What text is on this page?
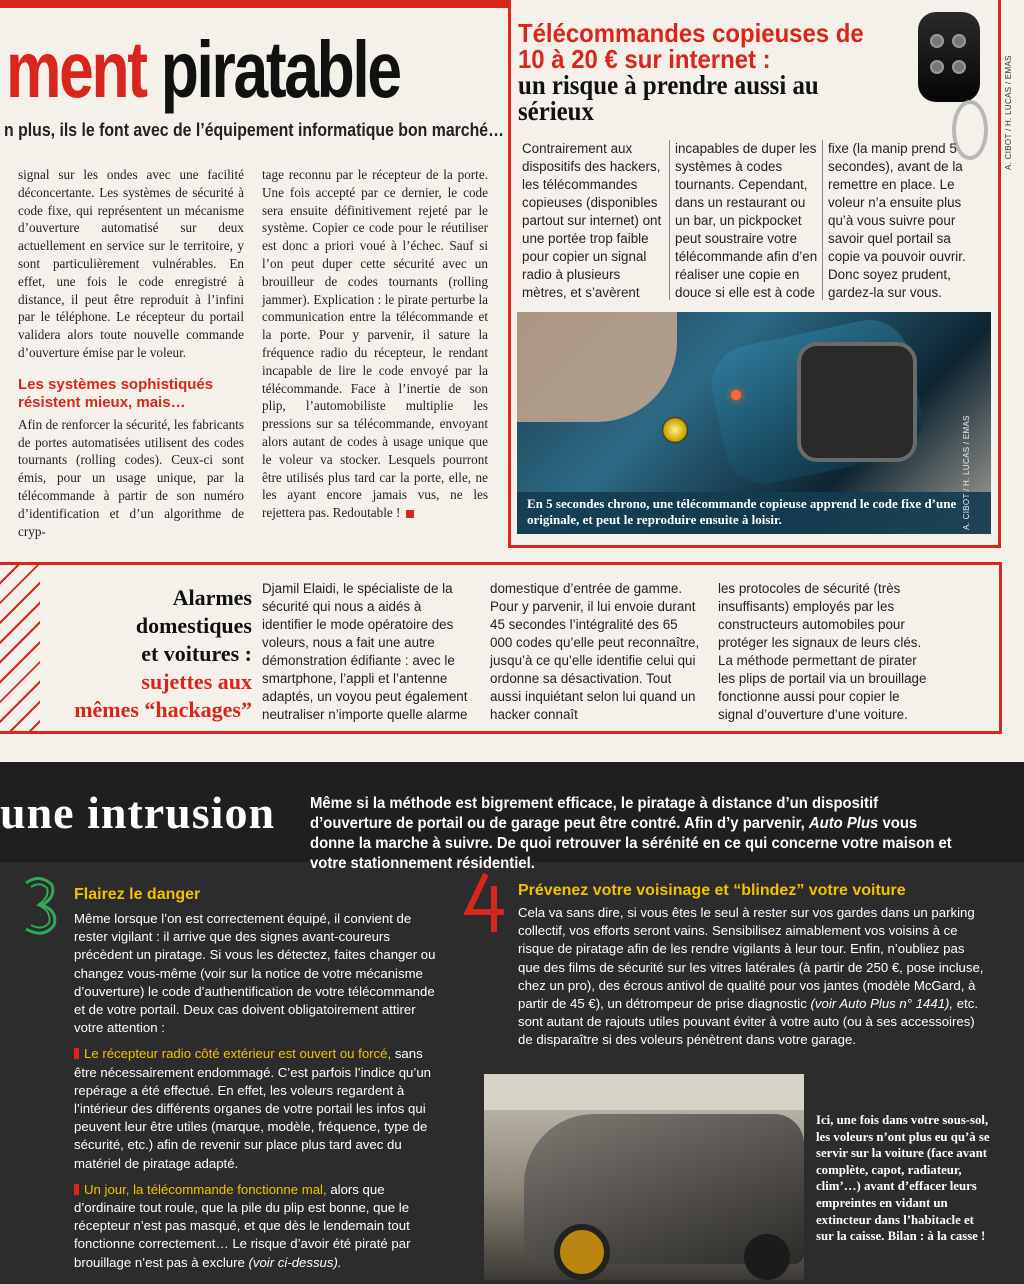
ment piratable
n plus, ils le font avec de l’équipement informatique bon marché…

signal sur les ondes avec une facilité déconcertante. Les systèmes de sécurité à code fixe, qui représentent un mécanisme d’ouverture automatisé sur deux actuellement en service sur le territoire, y sont particulièrement vulnérables. En effet, une fois le code enregistré à distance, il peut être reproduit à l’infini par le téléphone. Le récepteur du portail validera alors toute nouvelle commande d’ouverture émise par le voleur.

Les systèmes sophistiqués résistent mieux, mais…

Afin de renforcer la sécurité, les fabricants de portes automatisées utilisent des codes tournants (rolling codes). Ceux-ci sont émis, pour un usage unique, par la télécommande à partir de son numéro d’identification et d’un algorithme de cryp-

tage reconnu par le récepteur de la porte. Une fois accepté par ce dernier, le code sera ensuite définitivement rejeté par le système. Copier ce code pour le réutiliser est donc a priori voué à l’échec. Sauf si l’on peut duper cette sécurité avec un brouilleur de codes tournants (rolling jammer). Explication : le pirate perturbe la communication entre la télécommande et la porte. Pour y parvenir, il sature la fréquence radio du récepteur, le rendant incapable de lire le code envoyé par la télécommande. Face à l’inertie de son plip, l’automobiliste multiplie les pressions sur sa télécommande, envoyant alors autant de codes à usage unique que le voleur va stocker. Lesquels pourront être utilisés plus tard car la porte, elle, ne les ayant encore jamais vus, ne les rejettera pas. Redoutable !

Télécommandes copieuses de 10 à 20 € sur internet :
un risque à prendre aussi au sérieux	A. CIBOT / H. LUCAS / EMAS
Contrairement aux dispositifs des hackers, les télécommandes copieuses (disponibles partout sur internet) ont une portée trop faible pour copier un signal radio à plusieurs mètres, et s’avèrent
incapables de duper les systèmes à codes tournants. Cependant, dans un restaurant ou un bar, un pickpocket peut soustraire votre télécommande afin d’en réaliser une copie en douce si elle est à code
fixe (la manip prend 5 secondes), avant de la remettre en place. Le voleur n’a ensuite plus qu’à vous suivre pour savoir quel portail sa copie va pouvoir ouvrir. Donc soyez prudent, gardez-la sur vous.
En 5 secondes chrono, une télécommande copieuse apprend le code fixe d’une originale, et peut le reproduire ensuite à loisir.	A. CIBOT / H. LUCAS / EMAS
Alarmes
domestiques
et voitures :
sujettes aux
mêmes “hackages”
Djamil Elaidi, le spécialiste de la sécurité qui nous a aidés à identifier le mode opératoire des voleurs, nous a fait une autre démonstration édifiante : avec le smartphone, l’appli et l’antenne adaptés, un voyou peut également neutraliser n’importe quelle alarme
domestique d’entrée de gamme. Pour y parvenir, il lui envoie durant 45 secondes l’intégralité des 65 000 codes qu’elle peut reconnaître, jusqu’à ce qu’elle identifie celui qui ordonne sa désactivation. Tout aussi inquiétant selon lui quand un hacker connaît
les protocoles de sécurité (très insuffisants) employés par les constructeurs automobiles pour protéger les signaux de leurs clés. La méthode permettant de pirater les plips de portail via un brouillage fonctionne aussi pour copier le signal d’ouverture d’une voiture.
une intrusion Même si la méthode est bigrement efficace, le piratage à distance d’un dispositif d’ouverture de portail ou de garage peut être contré. Afin d’y parvenir, Auto Plus vous donne la marche à suivre. De quoi retrouver la sérénité en ce qui concerne votre maison et votre stationnement résidentiel.
3
Flairez le danger

Même lorsque l’on est correctement équipé, il convient de rester vigilant : il arrive que des signes avant-coureurs précèdent un piratage. Si vous les détectez, faites changer ou changez vous-même (voir sur la notice de votre mécanisme d’ouverture) le code d’authentification de votre télécommande et de votre portail. Deux cas doivent obligatoirement attirer votre attention :

Le récepteur radio côté extérieur est ouvert ou forcé, sans être nécessairement endommagé. C’est parfois l’indice qu’un repérage a été effectué. En effet, les voleurs regardent à l’intérieur des différents organes de votre portail les infos qui peuvent leur être utiles (marque, modèle, fréquence, type de sécurité, etc.) afin de revenir sur place plus tard avec du matériel de piratage adapté.

Un jour, la télécommande fonctionne mal, alors que d’ordinaire tout roule, que la pile du plip est bonne, que le récepteur n’est pas masqué, et que dès le lendemain tout fonctionne correctement… Le risque d’avoir été piraté par brouillage n’est pas à exclure (voir ci-dessus).

4
Prévenez votre voisinage et “blindez” votre voiture

Cela va sans dire, si vous êtes le seul à rester sur vos gardes dans un parking collectif, vos efforts seront vains. Sensibilisez aimablement vos voisins à ce risque de piratage afin de les rendre vigilants à leur tour. Enfin, n’oubliez pas que des films de sécurité sur les vitres latérales (à partir de 250 €, pose incluse, chez un pro), des écrous antivol de qualité pour vos jantes (modèle McGard, à partir de 45 €), un détrompeur de prise diagnostic (voir Auto Plus n° 1441), etc. sont autant de rajouts utiles pouvant éviter à votre auto (ou à ses accessoires) de disparaître si des voleurs pénètrent dans votre garage.

Ici, une fois dans votre sous-sol, les voleurs n’ont plus eu qu’à se servir sur la voiture (face avant complète, capot, radiateur, clim’…) avant d’effacer leurs empreintes en vidant un extincteur dans l’habitacle et sur la caisse. Bilan : à la casse !
